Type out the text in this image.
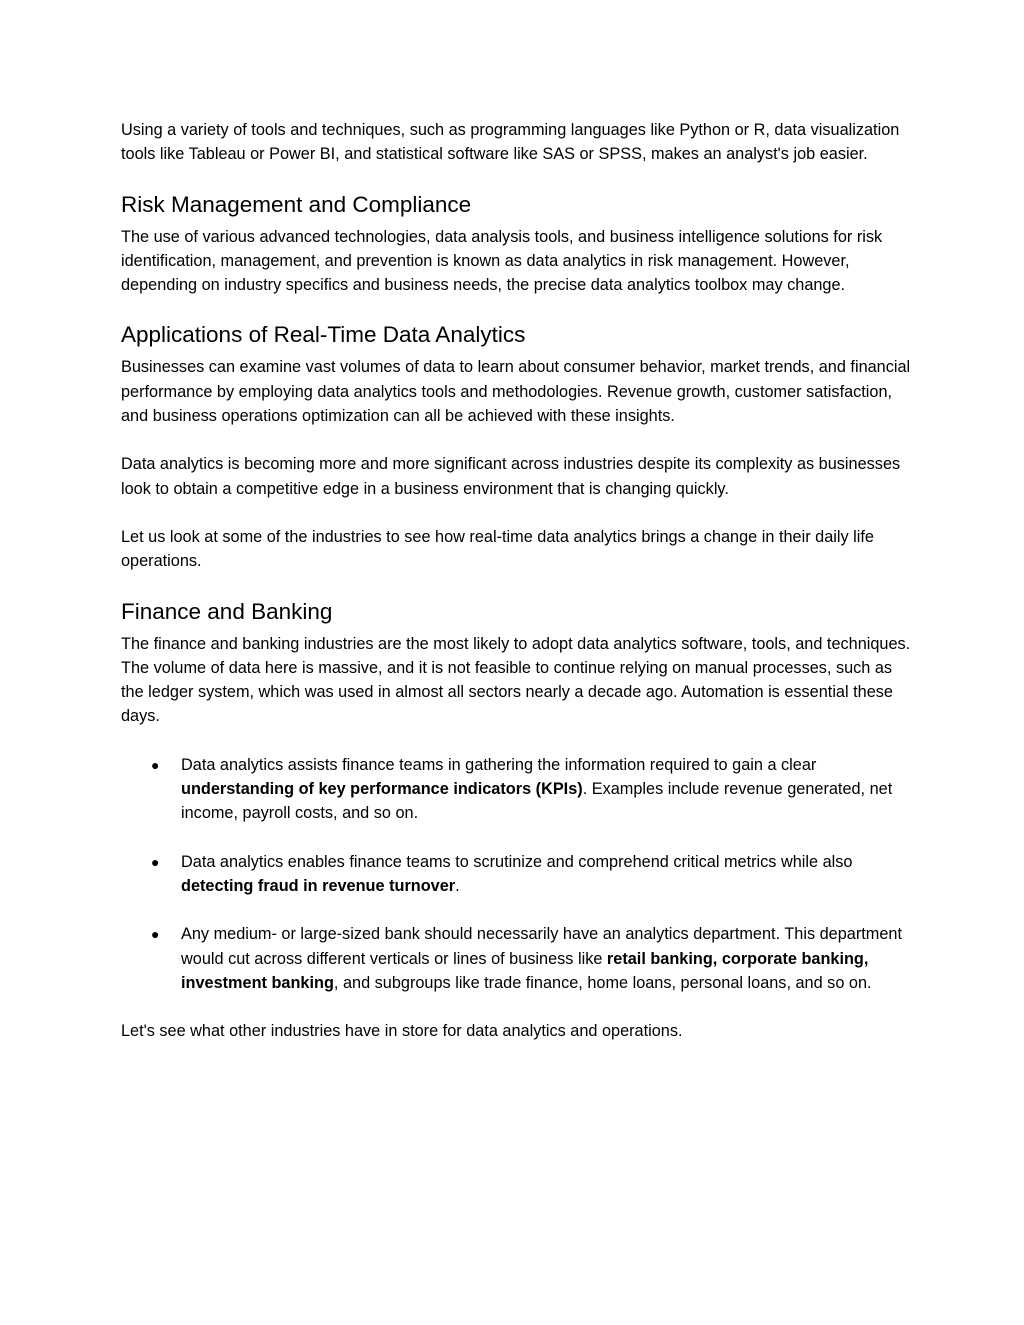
Using a variety of tools and techniques, such as programming languages like Python or R, data visualization tools like Tableau or Power BI, and statistical software like SAS or SPSS, makes an analyst's job easier.

Risk Management and Compliance

The use of various advanced technologies, data analysis tools, and business intelligence solutions for risk identification, management, and prevention is known as data analytics in risk management. However, depending on industry specifics and business needs, the precise data analytics toolbox may change.

Applications of Real-Time Data Analytics

Businesses can examine vast volumes of data to learn about consumer behavior, market trends, and financial performance by employing data analytics tools and methodologies. Revenue growth, customer satisfaction, and business operations optimization can all be achieved with these insights.

Data analytics is becoming more and more significant across industries despite its complexity as businesses look to obtain a competitive edge in a business environment that is changing quickly.

Let us look at some of the industries to see how real-time data analytics brings a change in their daily life operations.

Finance and Banking

The finance and banking industries are the most likely to adopt data analytics software, tools, and techniques. The volume of data here is massive, and it is not feasible to continue relying on manual processes, such as the ledger system, which was used in almost all sectors nearly a decade ago. Automation is essential these days.

● Data analytics assists finance teams in gathering the information required to gain a clear understanding of key performance indicators (KPIs). Examples include revenue generated, net income, payroll costs, and so on.
● Data analytics enables finance teams to scrutinize and comprehend critical metrics while also detecting fraud in revenue turnover.
● Any medium- or large-sized bank should necessarily have an analytics department. This department would cut across different verticals or lines of business like retail banking, corporate banking, investment banking, and subgroups like trade finance, home loans, personal loans, and so on.

Let's see what other industries have in store for data analytics and operations.
